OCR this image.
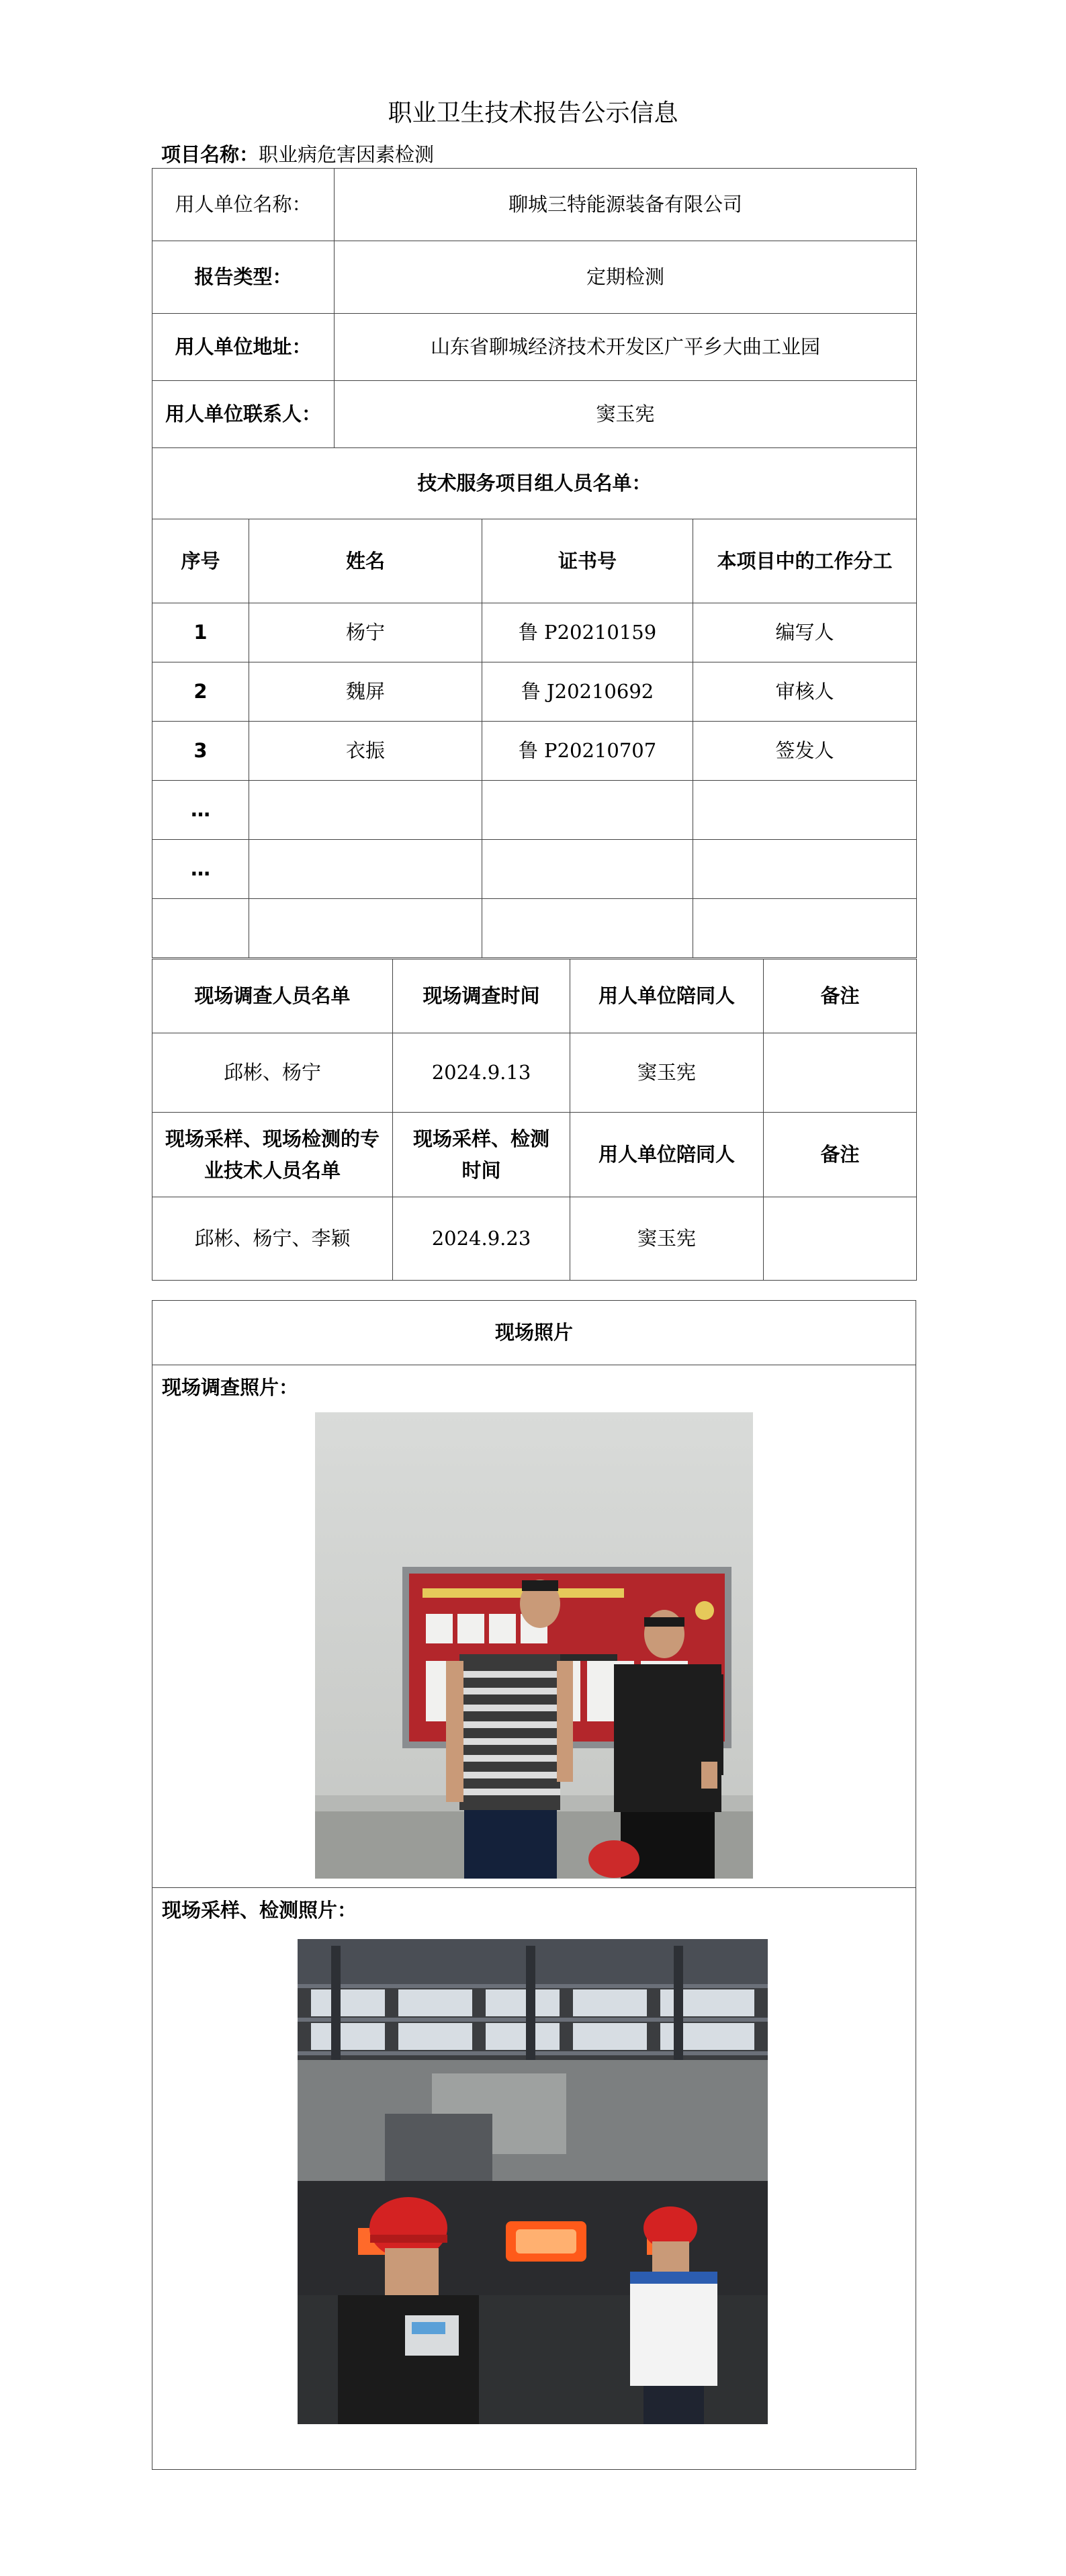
职业卫生技术报告公示信息
项目名称：职业病危害因素检测
用人单位名称：		聊城三特能源装备有限公司		
报告类型：		定期检测		
用人单位地址：		山东省聊城经济技术开发区广平乡大曲工业园		
用人单位联系人：		窦玉宪		
技术服务项目组人员名单：				
序号	姓名		证书号	本项目中的工作分工
1	杨宁		鲁 P20210159	编写人
2	魏屏		鲁 J20210692	审核人
3	衣振		鲁 P20210707	签发人
…				
…				

现场调查人员名单	现场调查时间	用人单位陪同人	备注
邱彬、杨宁	2024.9.13	窦玉宪	
现场采样、现场检测的专业技术人员名单	现场采样、检测时间	用人单位陪同人	备注
邱彬、杨宁、李颖	2024.9.23	窦玉宪	
现场照片

现场调查照片：

现场采样、检测照片：
